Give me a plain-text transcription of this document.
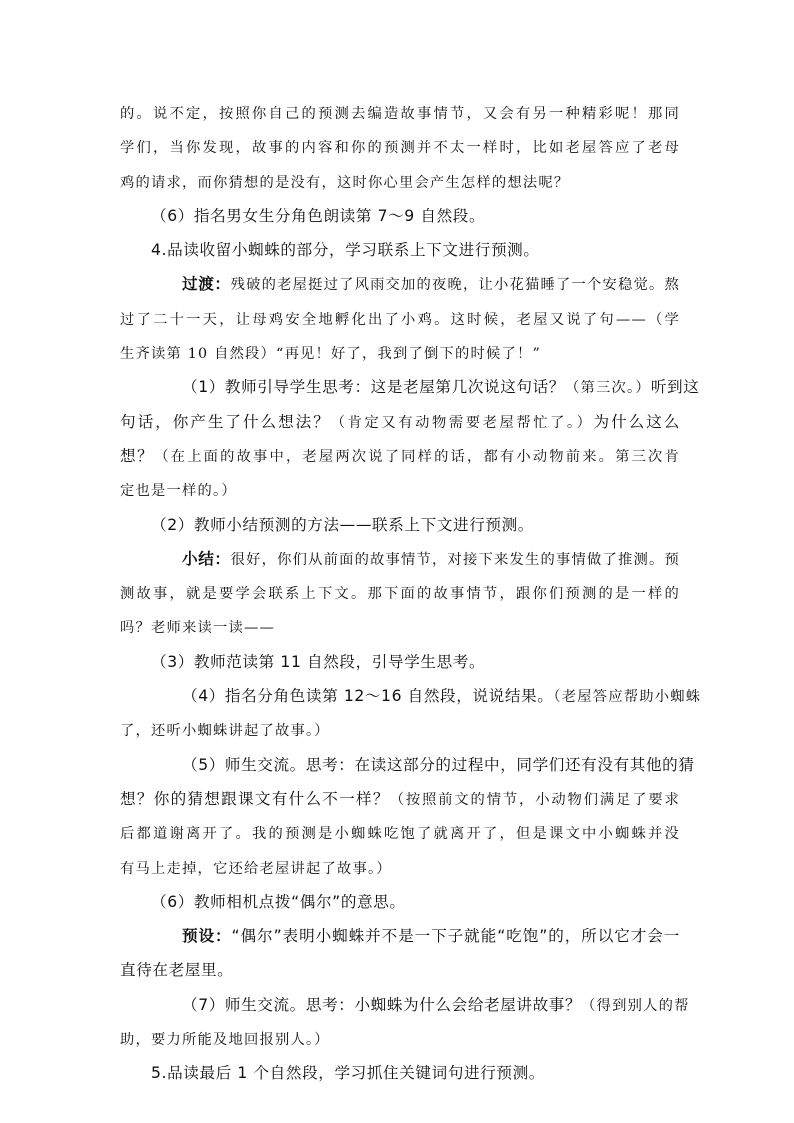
的。说不定，按照你自己的预测去编造故事情节，又会有另一种精彩呢！那同
学们，当你发现，故事的内容和你的预测并不太一样时，比如老屋答应了老母
鸡的请求，而你猜想的是没有，这时你心里会产生怎样的想法呢？
（6）指名男女生分角色朗读第 7～9 自然段。
4.品读收留小蜘蛛的部分，学习联系上下文进行预测。
过渡：残破的老屋挺过了风雨交加的夜晚，让小花猫睡了一个安稳觉。熬
过了二十一天，让母鸡安全地孵化出了小鸡。这时候，老屋又说了句——（学
生齐读第 10 自然段）“再见！好了，我到了倒下的时候了！”
（1）教师引导学生思考：这是老屋第几次说这句话？（第三次。）听到这
句话，你产生了什么想法？（肯定又有动物需要老屋帮忙了。）为什么这么
想？（在上面的故事中，老屋两次说了同样的话，都有小动物前来。第三次肯
定也是一样的。）
（2）教师小结预测的方法——联系上下文进行预测。
小结：很好，你们从前面的故事情节，对接下来发生的事情做了推测。预
测故事，就是要学会联系上下文。那下面的故事情节，跟你们预测的是一样的
吗？老师来读一读——
（3）教师范读第 11 自然段，引导学生思考。
（4）指名分角色读第 12～16 自然段，说说结果。（老屋答应帮助小蜘蛛
了，还听小蜘蛛讲起了故事。）
（5）师生交流。思考：在读这部分的过程中，同学们还有没有其他的猜
想？你的猜想跟课文有什么不一样？（按照前文的情节，小动物们满足了要求
后都道谢离开了。我的预测是小蜘蛛吃饱了就离开了，但是课文中小蜘蛛并没
有马上走掉，它还给老屋讲起了故事。）
（6）教师相机点拨“偶尔”的意思。
预设：“偶尔”表明小蜘蛛并不是一下子就能“吃饱”的，所以它才会一
直待在老屋里。
（7）师生交流。思考：小蜘蛛为什么会给老屋讲故事？（得到别人的帮
助，要力所能及地回报别人。）
5.品读最后 1 个自然段，学习抓住关键词句进行预测。
